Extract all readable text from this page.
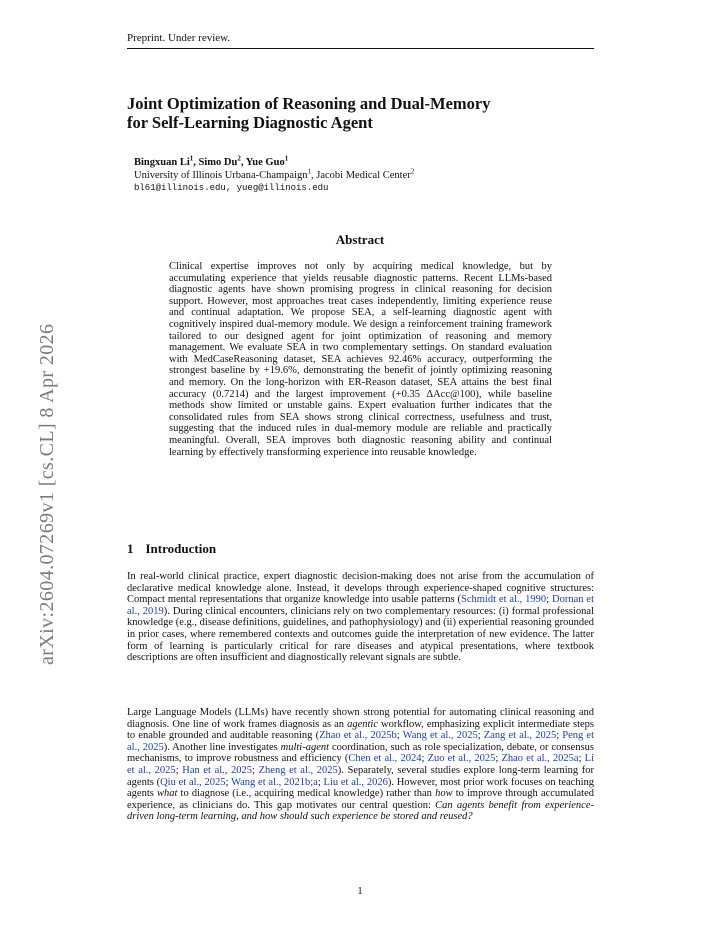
Preprint. Under review.
Joint Optimization of Reasoning and Dual-Memory
for Self-Learning Diagnostic Agent
Bingxuan Li$^1$, Simo Du$^2$, Yue Guo$^1$
University of Illinois Urbana-Champaign$^1$, Jacobi Medical Center$^2$
bl61@illinois.edu, yueg@illinois.edu
arXiv:2604.07269v1 [cs.CL] 8 Apr 2026
Abstract

Clinical expertise improves not only by acquiring medical knowledge, but by accumulating experience that yields reusable diagnostic patterns. Recent LLMs-based diagnostic agents have shown promising progress in clinical reasoning for decision support. However, most approaches treat cases independently, limiting experience reuse and continual adaptation. We propose SEA, a self-learning diagnostic agent with cognitively inspired dual-memory module. We design a reinforcement training framework tailored to our designed agent for joint optimization of reasoning and memory management. We evaluate SEA in two complementary settings. On standard evaluation with MedCaseReasoning dataset, SEA achieves 92.46% accuracy, outperforming the strongest baseline by +19.6%, demonstrating the benefit of jointly optimizing reasoning and memory. On the long-horizon with ER-Reason dataset, SEA attains the best final accuracy (0.7214) and the largest improvement (+0.35 ΔAcc@100), while baseline methods show limited or unstable gains. Expert evaluation further indicates that the consolidated rules from SEA shows strong clinical correctness, usefulness and trust, suggesting that the induced rules in dual-memory module are reliable and practically meaningful. Overall, SEA improves both diagnostic reasoning ability and continual learning by effectively transforming experience into reusable knowledge.

1 Introduction

In real-world clinical practice, expert diagnostic decision-making does not arise from the accumulation of declarative medical knowledge alone. Instead, it develops through experience-shaped cognitive structures: Compact mental representations that organize knowledge into usable patterns (Schmidt et al., 1990; Dornan et al., 2019). During clinical encounters, clinicians rely on two complementary resources: (i) formal professional knowledge (e.g., disease definitions, guidelines, and pathophysiology) and (ii) experiential reasoning grounded in prior cases, where remembered contexts and outcomes guide the interpretation of new evidence. The latter form of learning is particularly critical for rare diseases and atypical presentations, where textbook descriptions are often insufficient and diagnostically relevant signals are subtle.

Large Language Models (LLMs) have recently shown strong potential for automating clinical reasoning and diagnosis. One line of work frames diagnosis as an agentic workflow, emphasizing explicit intermediate steps to enable grounded and auditable reasoning (Zhao et al., 2025b; Wang et al., 2025; Zang et al., 2025; Peng et al., 2025). Another line investigates multi-agent coordination, such as role specialization, debate, or consensus mechanisms, to improve robustness and efficiency (Chen et al., 2024; Zuo et al., 2025; Zhao et al., 2025a; Li et al., 2025; Han et al., 2025; Zheng et al., 2025). Separately, several studies explore long-term learning for agents (Qiu et al., 2025; Wang et al., 2021b;a; Liu et al., 2026). However, most prior work focuses on teaching agents what to diagnose (i.e., acquiring medical knowledge) rather than how to improve through accumulated experience, as clinicians do. This gap motivates our central question: Can agents benefit from experience-driven long-term learning, and how should such experience be stored and reused?

1
